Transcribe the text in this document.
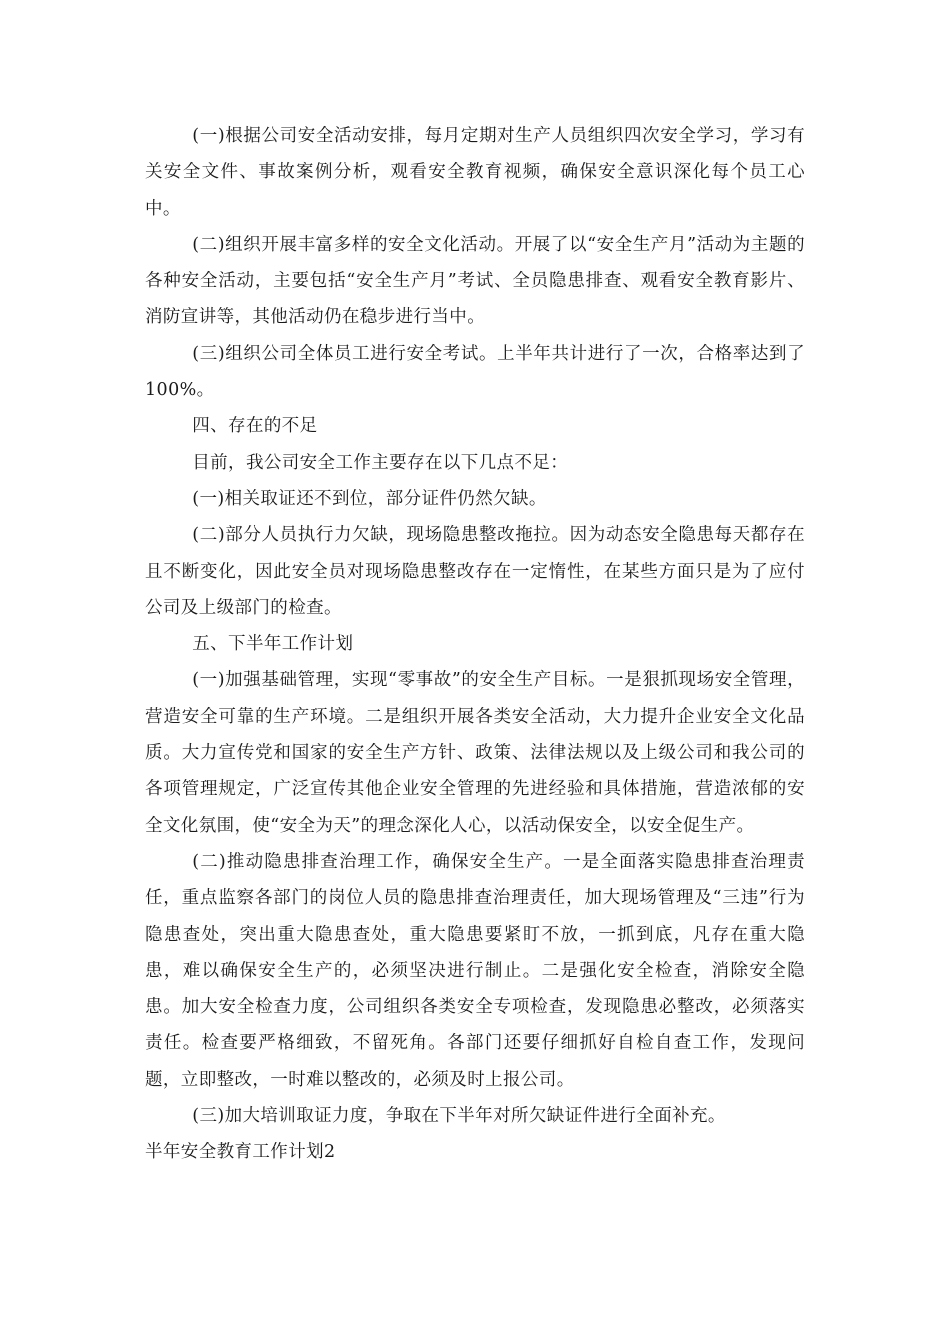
(一)根据公司安全活动安排，每月定期对生产人员组织四次安全学习，学习有关安全文件、事故案例分析，观看安全教育视频，确保安全意识深化每个员工心中。

(二)组织开展丰富多样的安全文化活动。开展了以“安全生产月”活动为主题的各种安全活动，主要包括“安全生产月”考试、全员隐患排查、观看安全教育影片、消防宣讲等，其他活动仍在稳步进行当中。

(三)组织公司全体员工进行安全考试。上半年共计进行了一次，合格率达到了100%。

四、存在的不足

目前，我公司安全工作主要存在以下几点不足：

(一)相关取证还不到位，部分证件仍然欠缺。

(二)部分人员执行力欠缺，现场隐患整改拖拉。因为动态安全隐患每天都存在且不断变化，因此安全员对现场隐患整改存在一定惰性，在某些方面只是为了应付公司及上级部门的检查。

五、下半年工作计划

(一)加强基础管理，实现“零事故”的安全生产目标。一是狠抓现场安全管理，营造安全可靠的生产环境。二是组织开展各类安全活动，大力提升企业安全文化品质。大力宣传党和国家的安全生产方针、政策、法律法规以及上级公司和我公司的各项管理规定，广泛宣传其他企业安全管理的先进经验和具体措施，营造浓郁的安全文化氛围，使“安全为天”的理念深化人心，以活动保安全，以安全促生产。

(二)推动隐患排查治理工作，确保安全生产。一是全面落实隐患排查治理责任，重点监察各部门的岗位人员的隐患排查治理责任，加大现场管理及“三违”行为隐患查处，突出重大隐患查处，重大隐患要紧盯不放，一抓到底，凡存在重大隐患，难以确保安全生产的，必须坚决进行制止。二是强化安全检查，消除安全隐患。加大安全检查力度，公司组织各类安全专项检查，发现隐患必整改，必须落实责任。检查要严格细致，不留死角。各部门还要仔细抓好自检自查工作，发现问题，立即整改，一时难以整改的，必须及时上报公司。

(三)加大培训取证力度，争取在下半年对所欠缺证件进行全面补充。

半年安全教育工作计划2
